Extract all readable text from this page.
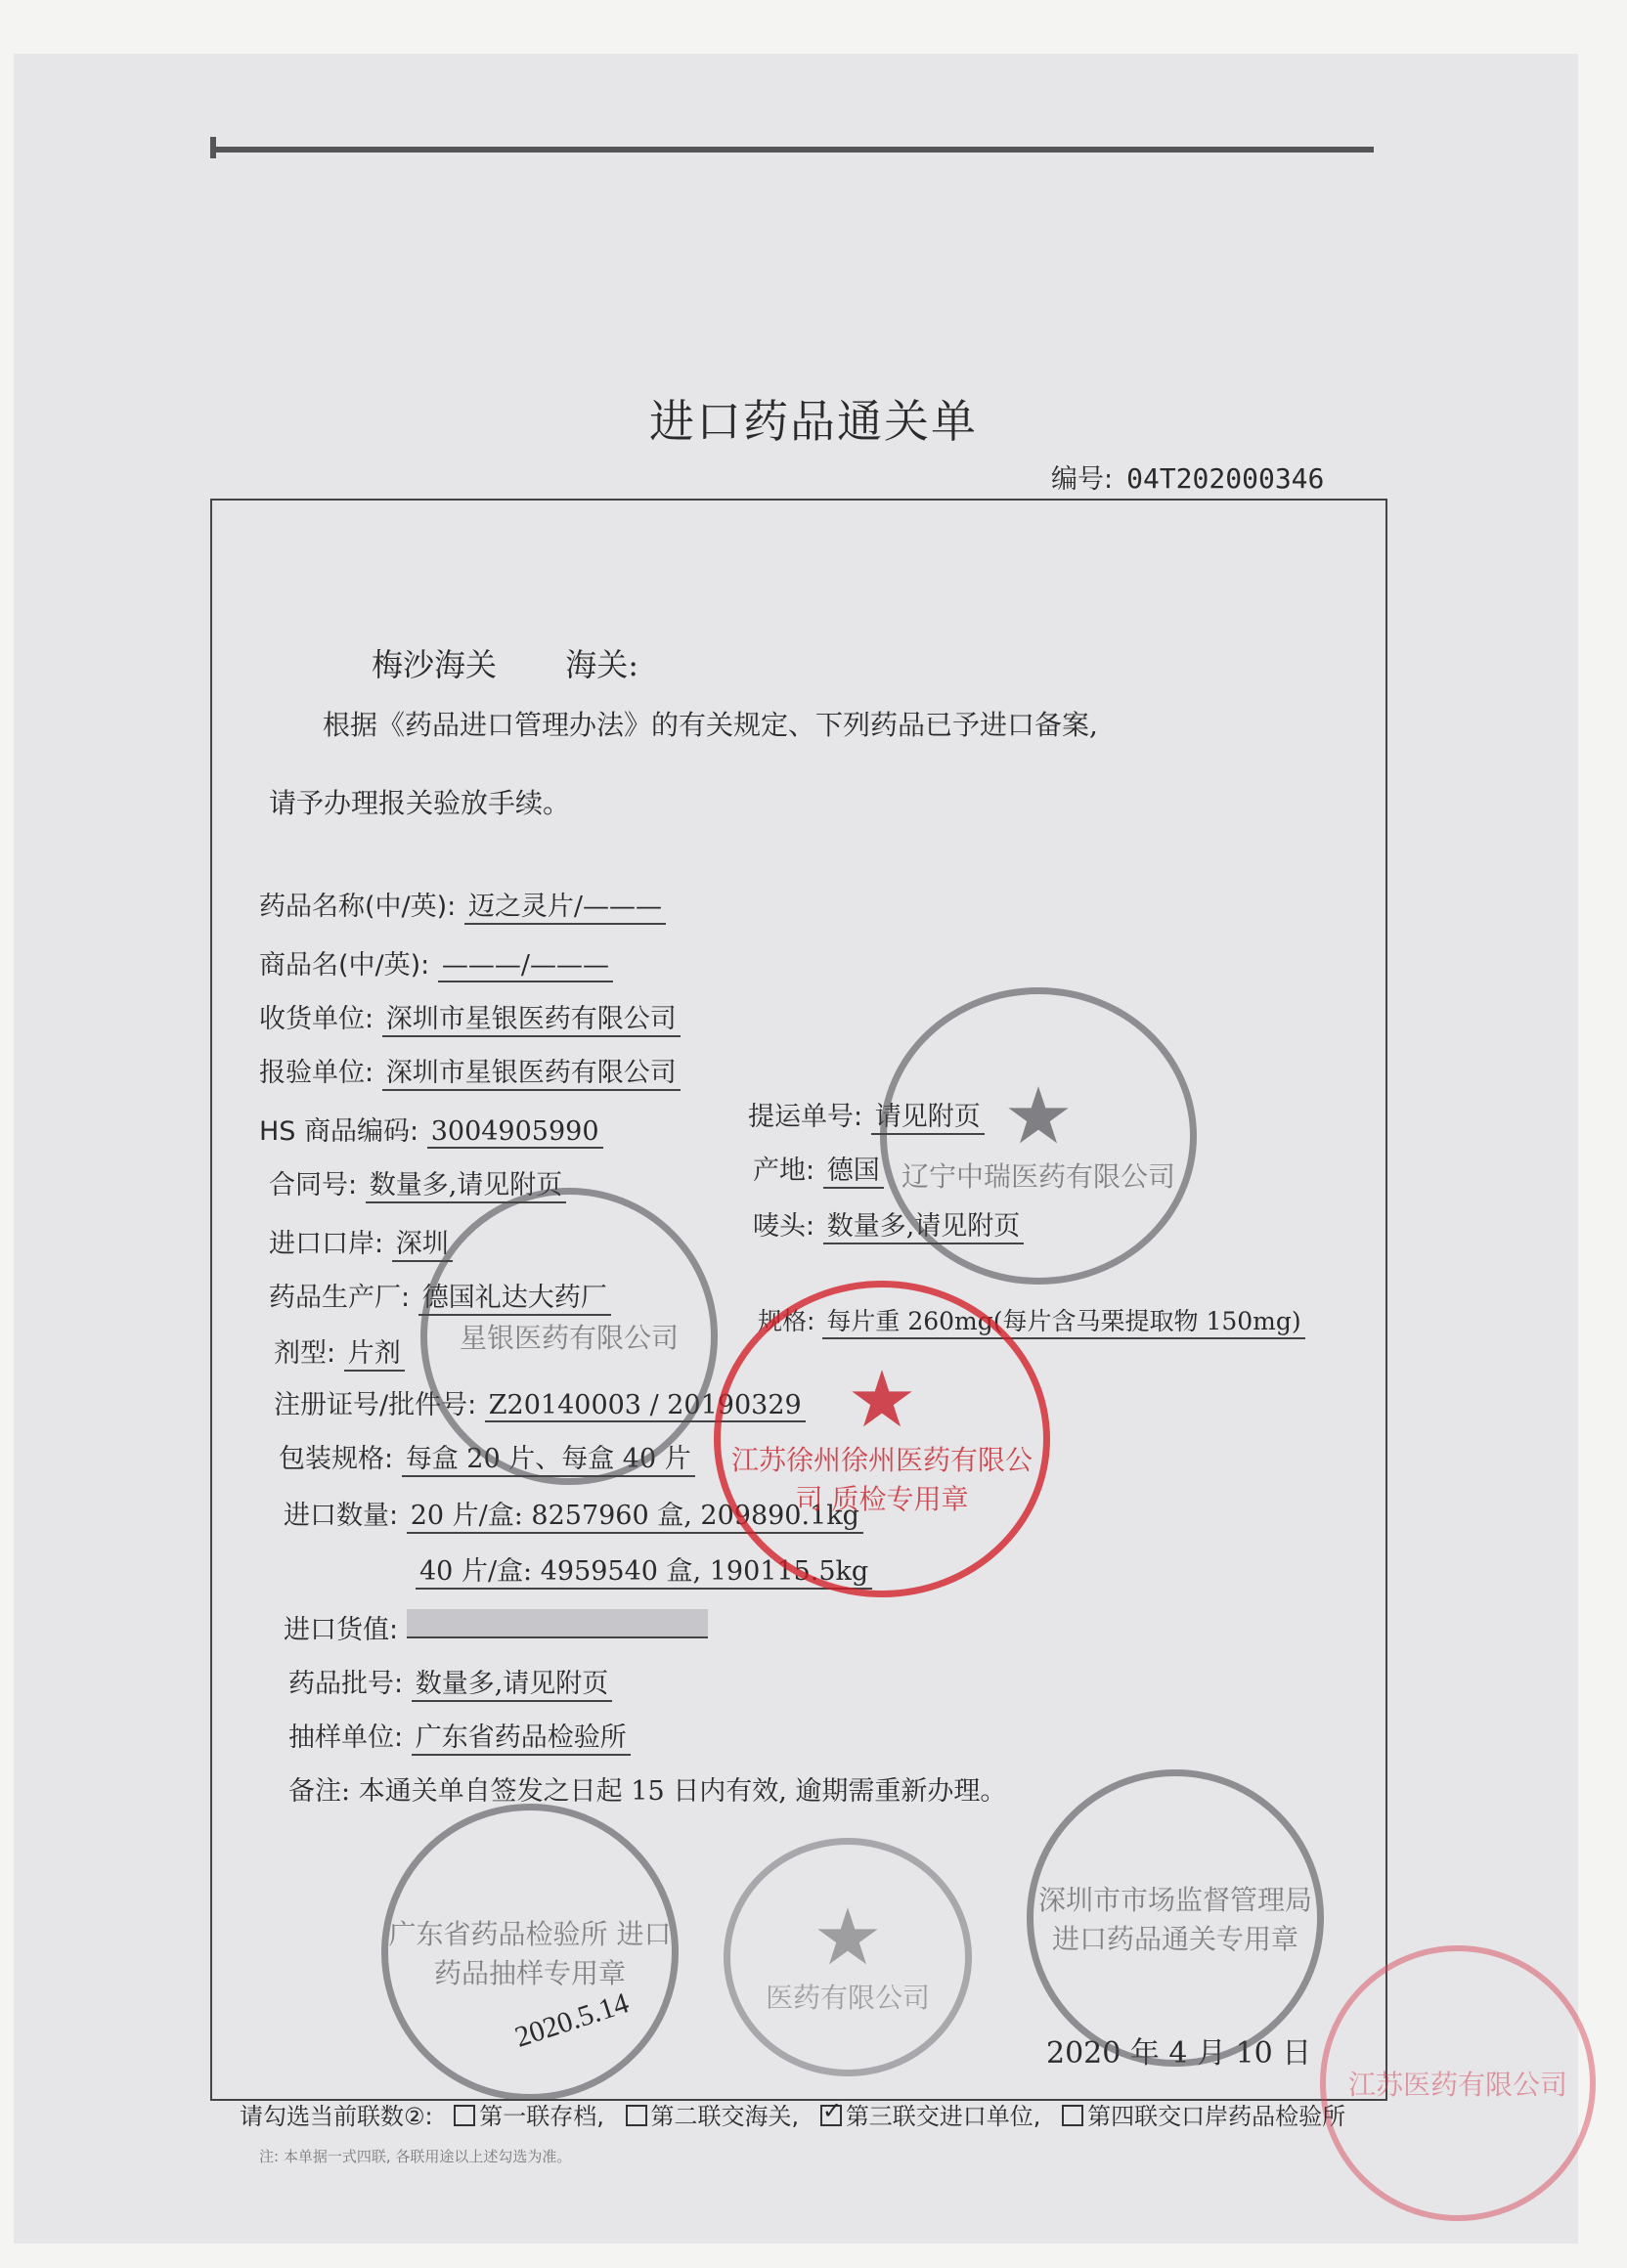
进口药品通关单
编号: 04T202000346
梅沙海关 海关:
根据《药品进口管理办法》的有关规定、下列药品已予进口备案,
请予办理报关验放手续。
药品名称(中/英): 迈之灵片/———
商品名(中/英): ———/———
收货单位: 深圳市星银医药有限公司
报验单位: 深圳市星银医药有限公司
HS 商品编码: 3004905990	提运单号: 请见附页
合同号: 数量多,请见附页	产地: 德国
进口口岸: 深圳
唛头: 数量多,请见附页
药品生产厂: 德国礼达大药厂
剂型: 片剂
规格: 每片重 260mg(每片含马栗提取物 150mg)
注册证号/批件号: Z20140003 / 20190329
包装规格: 每盒 20 片、每盒 40 片
进口数量: 20 片/盒: 8257960 盒, 209890.1kg
40 片/盒: 4959540 盒, 190115.5kg
进口货值:
药品批号: 数量多,请见附页
抽样单位: 广东省药品检验所
备注: 本通关单自签发之日起 15 日内有效, 逾期需重新办理。
2020.5.14	2020 年 4 月 10 日
★
辽宁中瑞医药有限公司
星银医药有限公司
★
江苏徐州徐州医药有限公司 质检专用章
广东省药品检验所 进口药品抽样专用章	★
医药有限公司
深圳市市场监督管理局 进口药品通关专用章
江苏医药有限公司
请勾选当前联数②: 第一联存档, 第二联交海关, ✓ 第三联交进口单位, 第四联交口岸药品检验所
注: 本单据一式四联, 各联用途以上述勾选为准。
